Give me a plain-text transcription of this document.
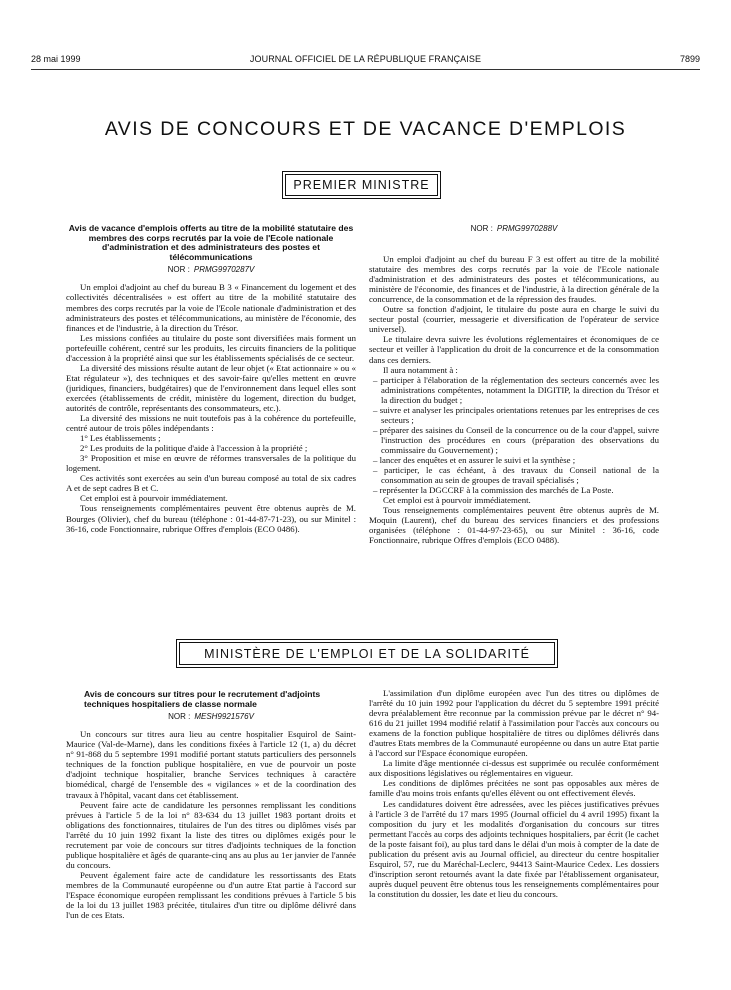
28 mai 1999	JOURNAL OFFICIEL DE LA RÉPUBLIQUE FRANÇAISE	7899
AVIS DE CONCOURS ET DE VACANCE D'EMPLOIS
PREMIER MINISTRE
Avis de vacance d'emplois offerts au titre de la mobilité statutaire des membres des corps recrutés par la voie de l'Ecole nationale d'administration et des administrateurs des postes et télécommunications
NOR : PRMG9970287V

Un emploi d'adjoint au chef du bureau B 3 « Financement du logement et des collectivités décentralisées » est offert au titre de la mobilité statutaire des membres des corps recrutés par la voie de l'Ecole nationale d'administration et des administrateurs des postes et télécommunications, au ministère de l'économie, des finances et de l'industrie, à la direction du Trésor.

Les missions confiées au titulaire du poste sont diversifiées mais forment un portefeuille cohérent, centré sur les produits, les circuits financiers de la politique d'accession à la propriété ainsi que sur les établissements spécialisés de ce secteur.

La diversité des missions résulte autant de leur objet (« Etat actionnaire » ou « Etat régulateur »), des techniques et des savoir-faire qu'elles mettent en œuvre (juridiques, financiers, budgétaires) que de l'environnement dans lequel elles sont exercées (établissements de crédit, ministère du logement, direction du budget, autorités de contrôle, représentants des consommateurs, etc.).

La diversité des missions ne nuit toutefois pas à la cohérence du portefeuille, centré autour de trois pôles indépendants :

1° Les établissements ;

2° Les produits de la politique d'aide à l'accession à la propriété ;

3° Proposition et mise en œuvre de réformes transversales de la politique du logement.

Ces activités sont exercées au sein d'un bureau composé au total de six cadres A et de sept cadres B et C.

Cet emploi est à pourvoir immédiatement.

Tous renseignements complémentaires peuvent être obtenus auprès de M. Bourges (Olivier), chef du bureau (téléphone : 01-44-87-71-23), ou sur Minitel : 36-16, code Fonctionnaire, rubrique Offres d'emplois (ECO 0486).

NOR : PRMG9970288V

Un emploi d'adjoint au chef du bureau F 3 est offert au titre de la mobilité statutaire des membres des corps recrutés par la voie de l'Ecole nationale d'administration et des administrateurs des postes et télécommunications, au ministère de l'économie, des finances et de l'industrie, à la direction générale de la concurrence, de la consommation et de la répression des fraudes.

Outre sa fonction d'adjoint, le titulaire du poste aura en charge le suivi du secteur postal (courrier, messagerie et diversification de l'opérateur de service universel).

Le titulaire devra suivre les évolutions réglementaires et économiques de ce secteur et veiller à l'application du droit de la concurrence et de la consommation dans ces derniers.

Il aura notamment à :

– participer à l'élaboration de la réglementation des secteurs concernés avec les administrations compétentes, notamment la DIGITIP, la direction du Trésor et la direction du budget ;
– suivre et analyser les principales orientations retenues par les entreprises de ces secteurs ;
– préparer des saisines du Conseil de la concurrence ou de la cour d'appel, suivre l'instruction des procédures en cours (préparation des observations du commissaire du Gouvernement) ;
– lancer des enquêtes et en assurer le suivi et la synthèse ;
– participer, le cas échéant, à des travaux du Conseil national de la consommation au sein de groupes de travail spécialisés ;
– représenter la DGCCRF à la commission des marchés de La Poste.

Cet emploi est à pourvoir immédiatement.

Tous renseignements complémentaires peuvent être obtenus auprès de M. Moquin (Laurent), chef du bureau des services financiers et des professions organisées (téléphone : 01-44-97-23-65), ou sur Minitel : 36-16, code Fonctionnaire, rubrique Offres d'emplois (ECO 0488).

MINISTÈRE DE L'EMPLOI ET DE LA SOLIDARITÉ
Avis de concours sur titres pour le recrutement d'adjoints techniques hospitaliers de classe normale
NOR : MESH9921576V

Un concours sur titres aura lieu au centre hospitalier Esquirol de Saint-Maurice (Val-de-Marne), dans les conditions fixées à l'article 12 (1, a) du décret n° 91-868 du 5 septembre 1991 modifié portant statuts particuliers des personnels techniques de la fonction publique hospitalière, en vue de pourvoir un poste d'adjoint technique hospitalier, branche Services techniques à caractère biomédical, chargé de l'ensemble des « vigilances » et de la coordination des travaux à l'hôpital, vacant dans cet établissement.

Peuvent faire acte de candidature les personnes remplissant les conditions prévues à l'article 5 de la loi n° 83-634 du 13 juillet 1983 portant droits et obligations des fonctionnaires, titulaires de l'un des titres ou diplômes visés par l'arrêté du 10 juin 1992 fixant la liste des titres ou diplômes exigés pour le recrutement par voie de concours sur titres d'adjoints techniques de la fonction publique hospitalière et âgés de quarante-cinq ans au plus au 1er janvier de l'année du concours.

Peuvent également faire acte de candidature les ressortissants des Etats membres de la Communauté européenne ou d'un autre Etat partie à l'accord sur l'Espace économique européen remplissant les conditions prévues à l'article 5 bis de la loi du 13 juillet 1983 précitée, titulaires d'un titre ou diplôme délivré dans l'un de ces Etats.

L'assimilation d'un diplôme européen avec l'un des titres ou diplômes de l'arrêté du 10 juin 1992 pour l'application du décret du 5 septembre 1991 précité devra préalablement être reconnue par la commission prévue par le décret n° 94-616 du 21 juillet 1994 modifié relatif à l'assimilation pour l'accès aux concours ou examens de la fonction publique hospitalière de titres ou diplômes délivrés dans d'autres Etats membres de la Communauté européenne ou dans un autre Etat partie à l'accord sur l'Espace économique européen.

La limite d'âge mentionnée ci-dessus est supprimée ou reculée conformément aux dispositions législatives ou réglementaires en vigueur.

Les conditions de diplômes précitées ne sont pas opposables aux mères de famille d'au moins trois enfants qu'elles élèvent ou ont effectivement élevés.

Les candidatures doivent être adressées, avec les pièces justificatives prévues à l'article 3 de l'arrêté du 17 mars 1995 (Journal officiel du 4 avril 1995) fixant la composition du jury et les modalités d'organisation du concours sur titres permettant l'accès au corps des adjoints techniques hospitaliers, par écrit (le cachet de la poste faisant foi), au plus tard dans le délai d'un mois à compter de la date de publication du présent avis au Journal officiel, au directeur du centre hospitalier Esquirol, 57, rue du Maréchal-Leclerc, 94413 Saint-Maurice Cedex. Les dossiers d'inscription seront retournés avant la date fixée par l'établissement organisateur, auprès duquel peuvent être obtenus tous les renseignements complémentaires pour la constitution du dossier, les date et lieu du concours.
